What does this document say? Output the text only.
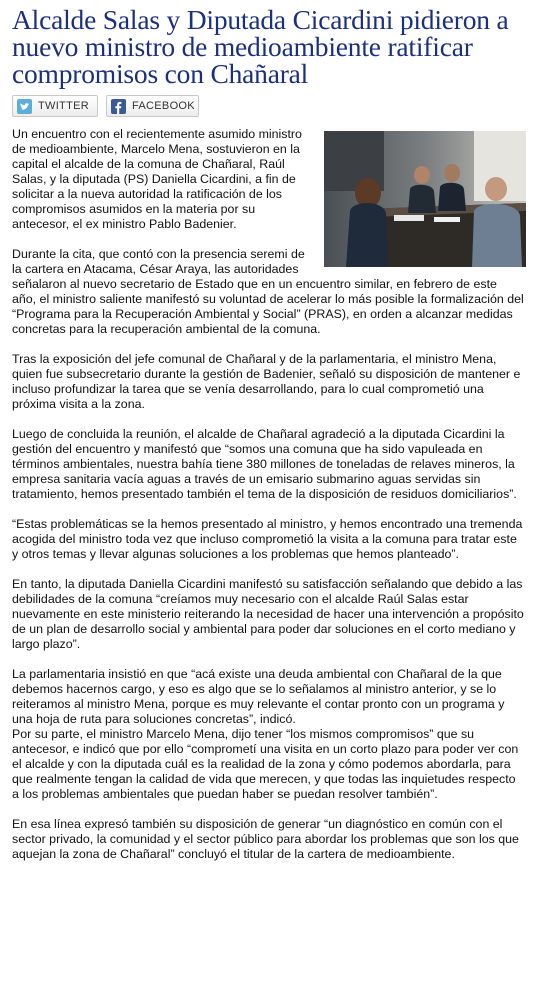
Alcalde Salas y Diputada Cicardini pidieron a nuevo ministro de medioambiente ratificar compromisos con Chañaral
TWITTER	FACEBOOK

Un encuentro con el recientemente asumido ministro de medioambiente, Marcelo Mena, sostuvieron en la capital el alcalde de la comuna de Chañaral, Raúl Salas, y la diputada (PS) Daniella Cicardini, a fin de solicitar a la nueva autoridad la ratificación de los compromisos asumidos en la materia por su antecesor, el ex ministro Pablo Badenier.

Durante la cita, que contó con la presencia seremi de la cartera en Atacama, César Araya, las autoridades señalaron al nuevo secretario de Estado que en un encuentro similar, en febrero de este año, el ministro saliente manifestó su voluntad de acelerar lo más posible la formalización del “Programa para la Recuperación Ambiental y Social” (PRAS), en orden a alcanzar medidas concretas para la recuperación ambiental de la comuna.

Tras la exposición del jefe comunal de Chañaral y de la parlamentaria, el ministro Mena, quien fue subsecretario durante la gestión de Badenier, señaló su disposición de mantener e incluso profundizar la tarea que se venía desarrollando, para lo cual comprometió una próxima visita a la zona.

Luego de concluida la reunión, el alcalde de Chañaral agradeció a la diputada Cicardini la gestión del encuentro y manifestó que “somos una comuna que ha sido vapuleada en términos ambientales, nuestra bahía tiene 380 millones de toneladas de relaves mineros, la empresa sanitaria vacía aguas a través de un emisario submarino aguas servidas sin tratamiento, hemos presentado también el tema de la disposición de residuos domiciliarios”.

“Estas problemáticas se la hemos presentado al ministro, y hemos encontrado una tremenda acogida del ministro toda vez que incluso comprometió la visita a la comuna para tratar este y otros temas y llevar algunas soluciones a los problemas que hemos planteado”.

En tanto, la diputada Daniella Cicardini manifestó su satisfacción señalando que debido a las debilidades de la comuna “creíamos muy necesario con el alcalde Raúl Salas estar nuevamente en este ministerio reiterando la necesidad de hacer una intervención a propósito de un plan de desarrollo social y ambiental para poder dar soluciones en el corto mediano y largo plazo”.

La parlamentaria insistió en que “acá existe una deuda ambiental con Chañaral de la que debemos hacernos cargo, y eso es algo que se lo señalamos al ministro anterior, y se lo reiteramos al ministro Mena, porque es muy relevante el contar pronto con un programa y una hoja de ruta para soluciones concretas”, indicó.

Por su parte, el ministro Marcelo Mena, dijo tener “los mismos compromisos” que su antecesor, e indicó que por ello “comprometí una visita en un corto plazo para poder ver con el alcalde y con la diputada cuál es la realidad de la zona y cómo podemos abordarla, para que realmente tengan la calidad de vida que merecen, y que todas las inquietudes respecto a los problemas ambientales que puedan haber se puedan resolver también”.

En esa línea expresó también su disposición de generar “un diagnóstico en común con el sector privado, la comunidad y el sector público para abordar los problemas que son los que aquejan la zona de Chañaral” concluyó el titular de la cartera de medioambiente.
